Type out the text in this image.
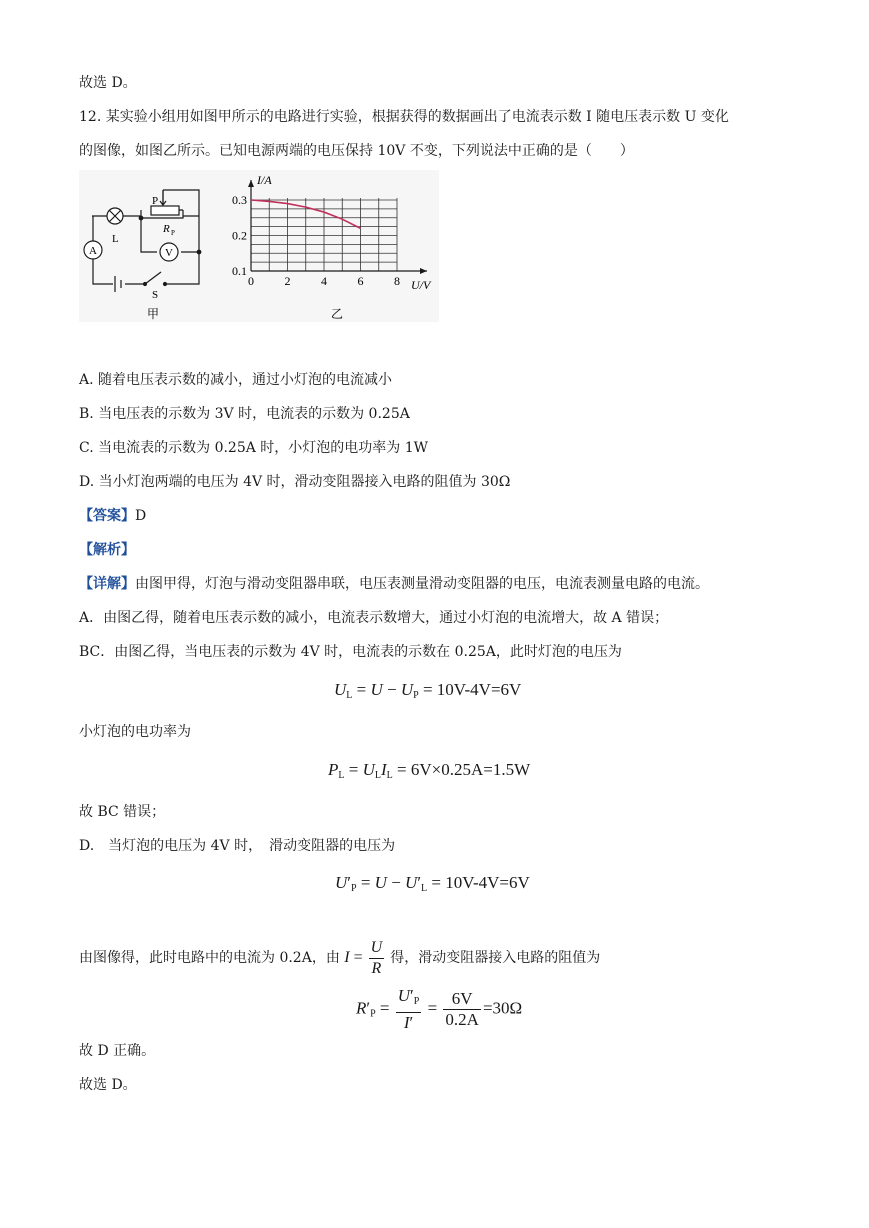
故选 D。
12. 某实验小组用如图甲所示的电路进行实验，根据获得的数据画出了电流表示数 I 随电压表示数 U 变化
的图像，如图乙所示。已知电源两端的电压保持 10V 不变，下列说法中正确的是（　　）
A	V
L
P
R P
S
甲
0	2	4	6	8
0.1
0.2
0.3
U/V
I/A
乙
A. 随着电压表示数的减小，通过小灯泡的电流减小
B. 当电压表的示数为 3V 时，电流表的示数为 0.25A
C. 当电流表的示数为 0.25A 时，小灯泡的电功率为 1W
D. 当小灯泡两端的电压为 4V 时，滑动变阻器接入电路的阻值为 30Ω
【答案】D
【解析】
【详解】由图甲得，灯泡与滑动变阻器串联，电压表测量滑动变阻器的电压，电流表测量电路的电流。
A．由图乙得，随着电压表示数的减小，电流表示数增大，通过小灯泡的电流增大，故 A 错误；
BC．由图乙得，当电压表的示数为 4V 时，电流表的示数在 0.25A，此时灯泡的电压为
$U_L = U - U_P = 10V-4V=6V$
小灯泡的电功率为
$P_L = U_LI_L = 6V\times 0.25A=1.5W$
故 BC 错误；
D.　当灯泡的电压为 4V 时，　滑动变阻器的电压为
$U'_P = U - U'_L = 10V-4V=6V$
由图像得，此时电路中的电流为 0.2A，由 $I = \frac{U}{R}$ 得，滑动变阻器接入电路的阻值为
$R'_P = \frac{U'_P}{I'} = \frac{6V}{0.2A} =30\Omega$
故 D 正确。
故选 D。
